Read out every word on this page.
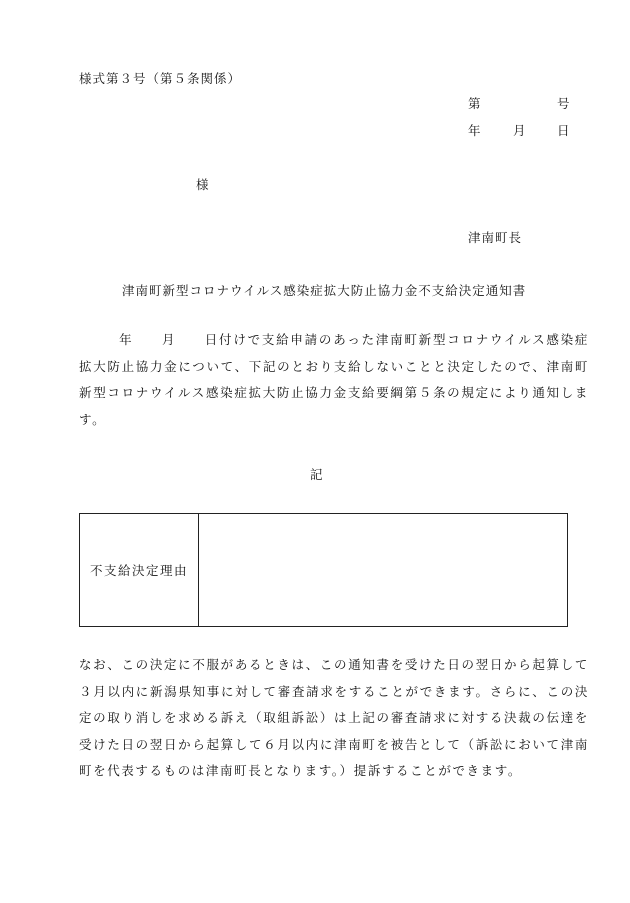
様式第３号（第５条関係）
第	号
年	月	日
様
津南町長
津南町新型コロナウイルス感染症拡大防止協力金不支給決定通知書
年　　月　　日付けで支給申請のあった津南町新型コロナウイルス感染症拡大防止協力金について、下記のとおり支給しないことと決定したので、津南町新型コロナウイルス感染症拡大防止協力金支給要綱第５条の規定により通知します。
記
不支給決定理由	
なお、この決定に不服があるときは、この通知書を受けた日の翌日から起算して３月以内に新潟県知事に対して審査請求をすることができます。さらに、この決定の取り消しを求める訴え（取組訴訟）は上記の審査請求に対する決裁の伝達を受けた日の翌日から起算して６月以内に津南町を被告として（訴訟において津南町を代表するものは津南町長となります。）提訴することができます。
